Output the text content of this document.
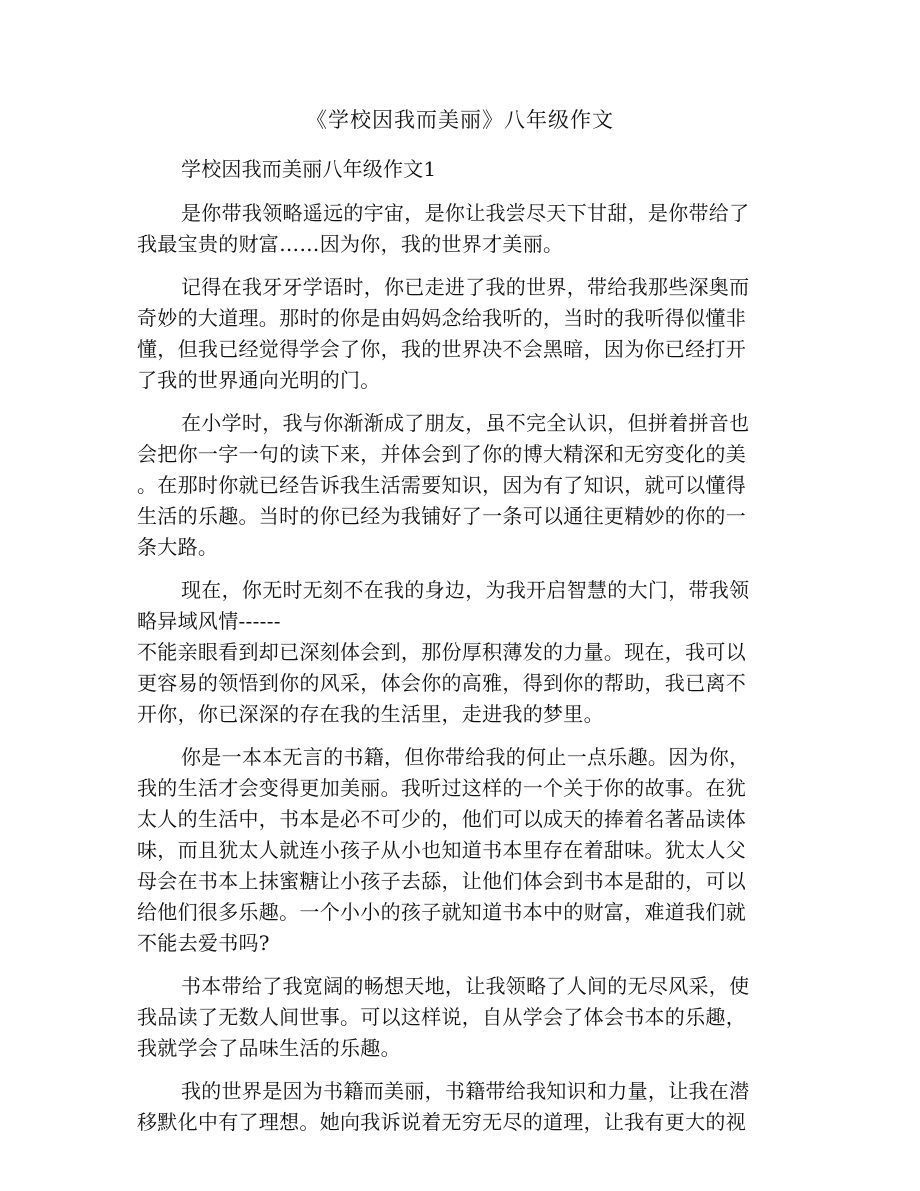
《学校因我而美丽》八年级作文
学校因我而美丽八年级作文1
是你带我领略遥远的宇宙，是你让我尝尽天下甘甜，是你带给了
我最宝贵的财富……因为你，我的世界才美丽。
记得在我牙牙学语时，你已走进了我的世界，带给我那些深奥而
奇妙的大道理。那时的你是由妈妈念给我听的，当时的我听得似懂非
懂，但我已经觉得学会了你，我的世界决不会黑暗，因为你已经打开
了我的世界通向光明的门。
在小学时，我与你渐渐成了朋友，虽不完全认识，但拼着拼音也
会把你一字一句的读下来，并体会到了你的博大精深和无穷变化的美
。在那时你就已经告诉我生活需要知识，因为有了知识，就可以懂得
生活的乐趣。当时的你已经为我铺好了一条可以通往更精妙的你的一
条大路。
现在，你无时无刻不在我的身边，为我开启智慧的大门，带我领
略异域风情------
不能亲眼看到却已深刻体会到，那份厚积薄发的力量。现在，我可以
更容易的领悟到你的风采，体会你的高雅，得到你的帮助，我已离不
开你，你已深深的存在我的生活里，走进我的梦里。
你是一本本无言的书籍，但你带给我的何止一点乐趣。因为你，
我的生活才会变得更加美丽。我听过这样的一个关于你的故事。在犹
太人的生活中，书本是必不可少的，他们可以成天的捧着名著品读体
味，而且犹太人就连小孩子从小也知道书本里存在着甜味。犹太人父
母会在书本上抹蜜糖让小孩子去舔，让他们体会到书本是甜的，可以
给他们很多乐趣。一个小小的孩子就知道书本中的财富，难道我们就
不能去爱书吗?
书本带给了我宽阔的畅想天地，让我领略了人间的无尽风采，使
我品读了无数人间世事。可以这样说，自从学会了体会书本的乐趣，
我就学会了品味生活的乐趣。
我的世界是因为书籍而美丽，书籍带给我知识和力量，让我在潜
移默化中有了理想。她向我诉说着无穷无尽的道理，让我有更大的视
